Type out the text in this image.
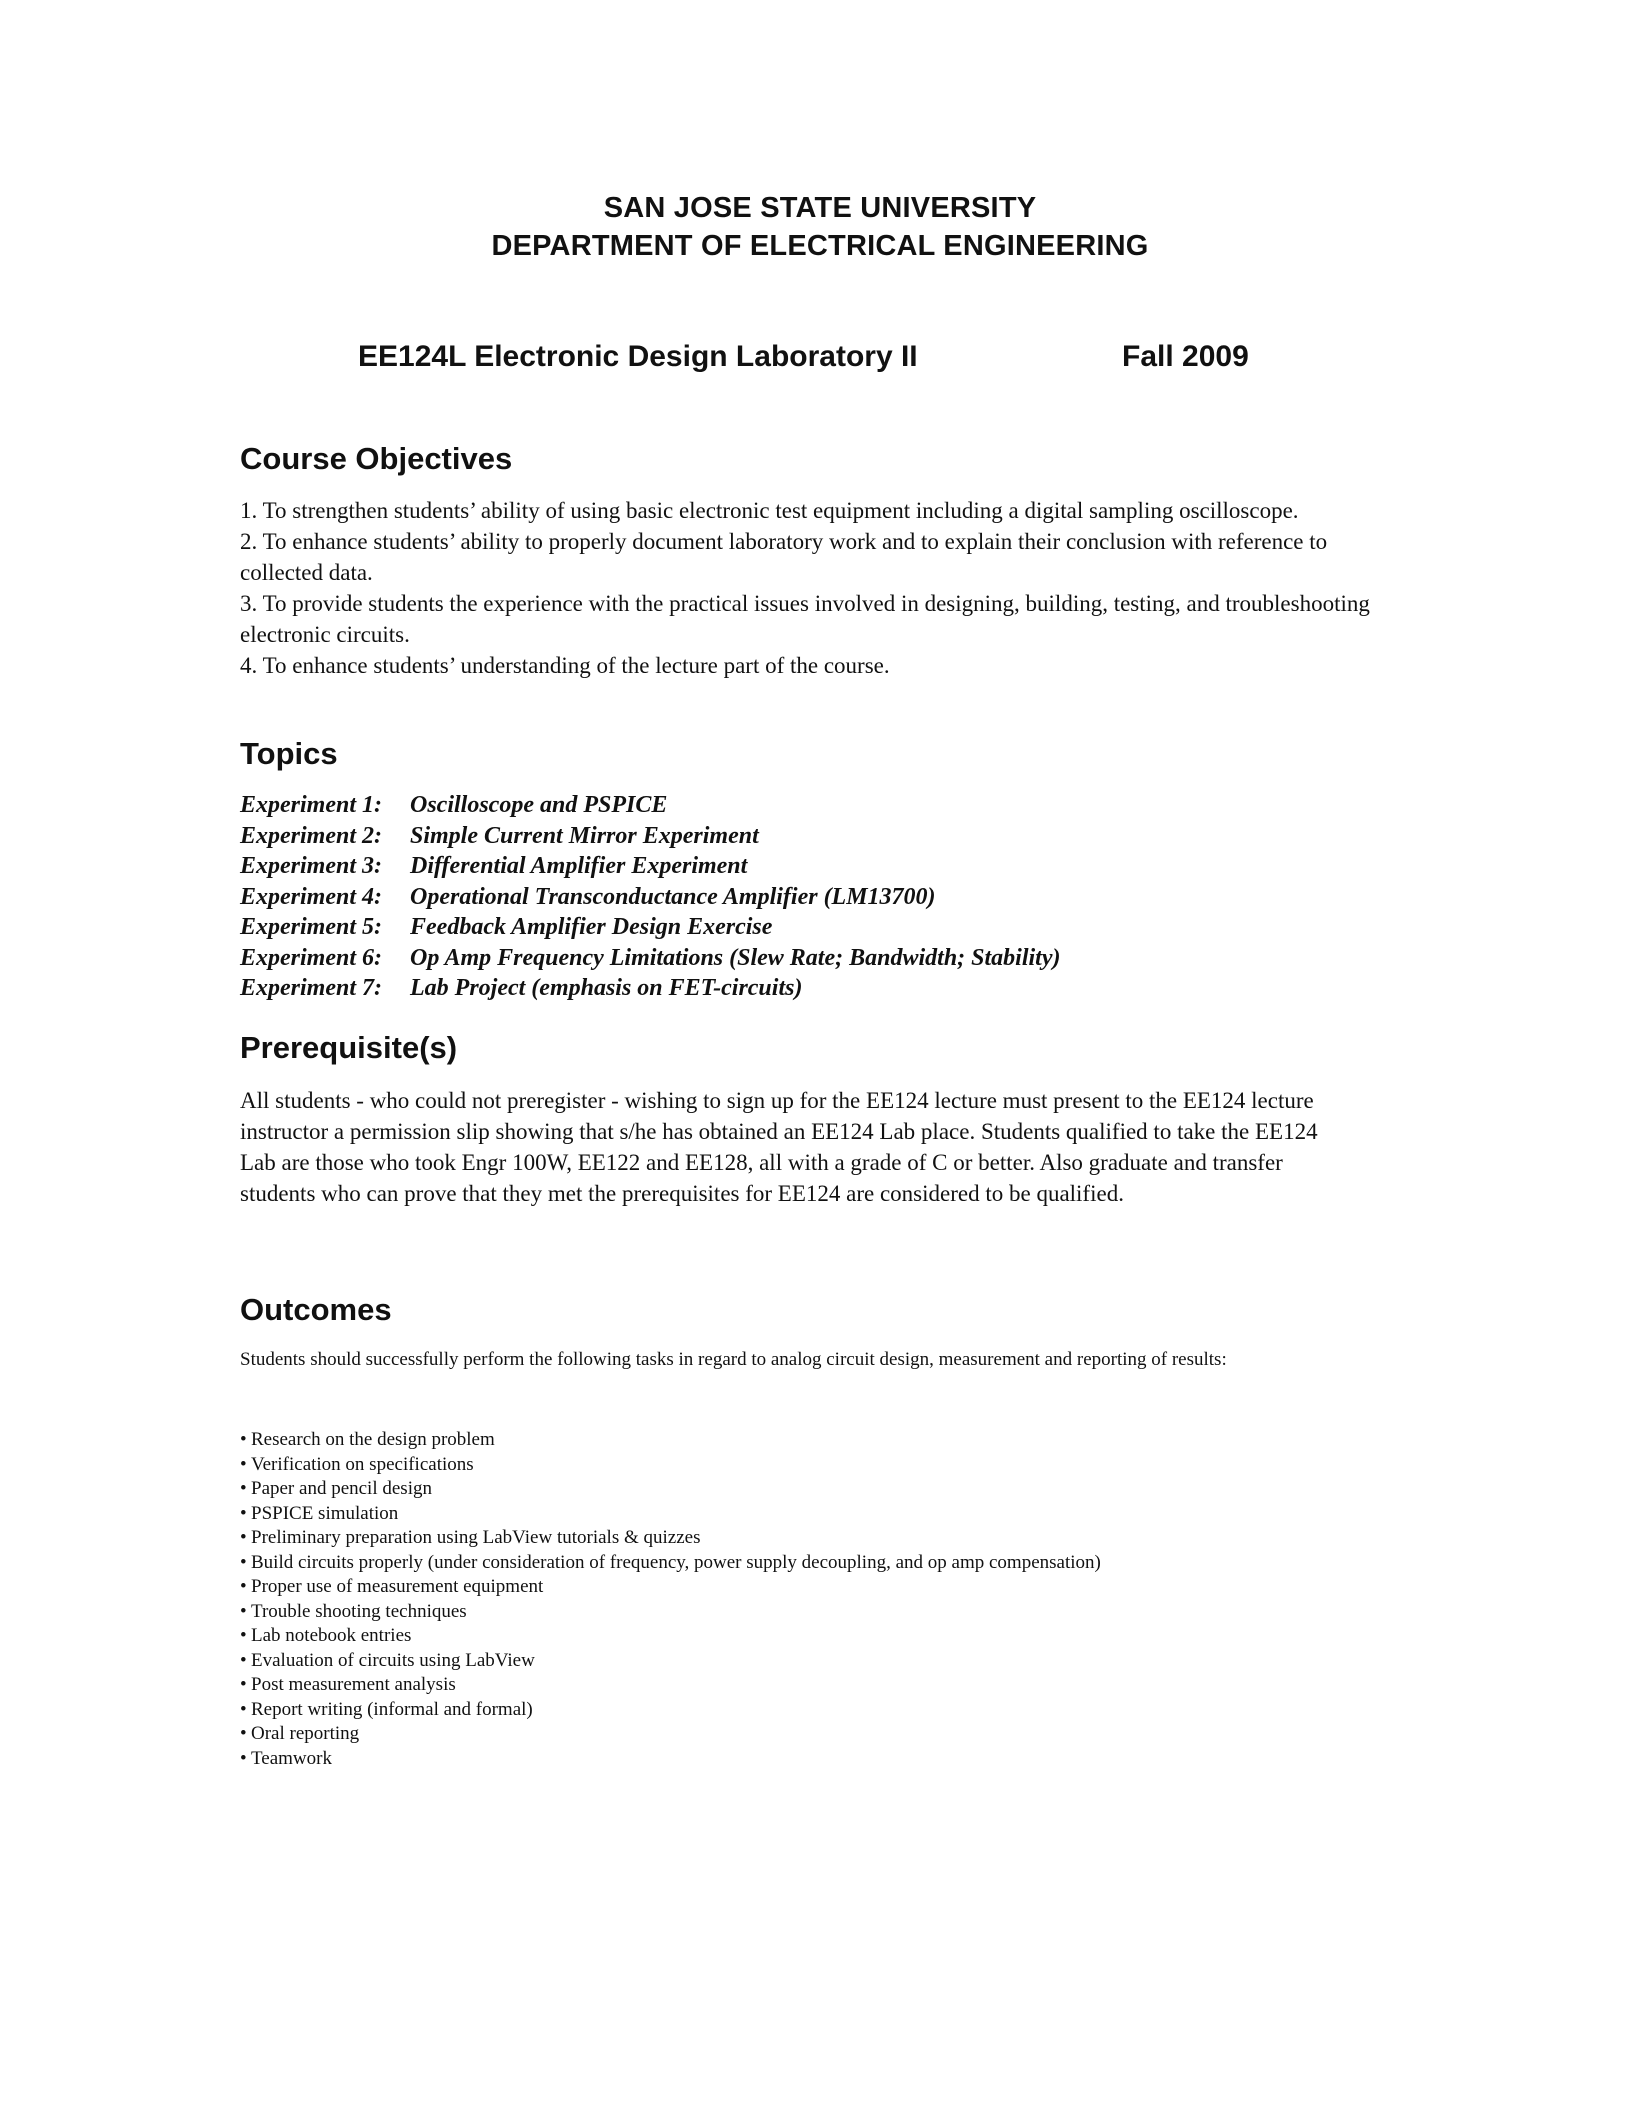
SAN JOSE STATE UNIVERSITY
DEPARTMENT OF ELECTRICAL ENGINEERING
EE124L Electronic Design Laboratory II	Fall 2009
Course Objectives

1. To strengthen students’ ability of using basic electronic test equipment including a digital sampling oscilloscope.

2. To enhance students’ ability to properly document laboratory work and to explain their conclusion with reference to collected data.

3. To provide students the experience with the practical issues involved in designing, building, testing, and troubleshooting electronic circuits.

4. To enhance students’ understanding of the lecture part of the course.

Topics
Experiment 1: Oscilloscope and PSPICE
Experiment 2: Simple Current Mirror Experiment
Experiment 3: Differential Amplifier Experiment
Experiment 4: Operational Transconductance Amplifier (LM13700)
Experiment 5: Feedback Amplifier Design Exercise
Experiment 6: Op Amp Frequency Limitations (Slew Rate; Bandwidth; Stability)
Experiment 7: Lab Project (emphasis on FET-circuits)
Prerequisite(s)
All students - who could not preregister - wishing to sign up for the EE124 lecture must present to the EE124 lecture instructor a permission slip showing that s/he has obtained an EE124 Lab place. Students qualified to take the EE124 Lab are those who took Engr 100W, EE122 and EE128, all with a grade of C or better. Also graduate and transfer students who can prove that they met the prerequisites for EE124 are considered to be qualified.
Outcomes
Students should successfully perform the following tasks in regard to analog circuit design, measurement and reporting of results:
• Research on the design problem
• Verification on specifications
• Paper and pencil design
• PSPICE simulation
• Preliminary preparation using LabView tutorials & quizzes
• Build circuits properly (under consideration of frequency, power supply decoupling, and op amp compensation)
• Proper use of measurement equipment
• Trouble shooting techniques
• Lab notebook entries
• Evaluation of circuits using LabView
• Post measurement analysis
• Report writing (informal and formal)
• Oral reporting
• Teamwork
